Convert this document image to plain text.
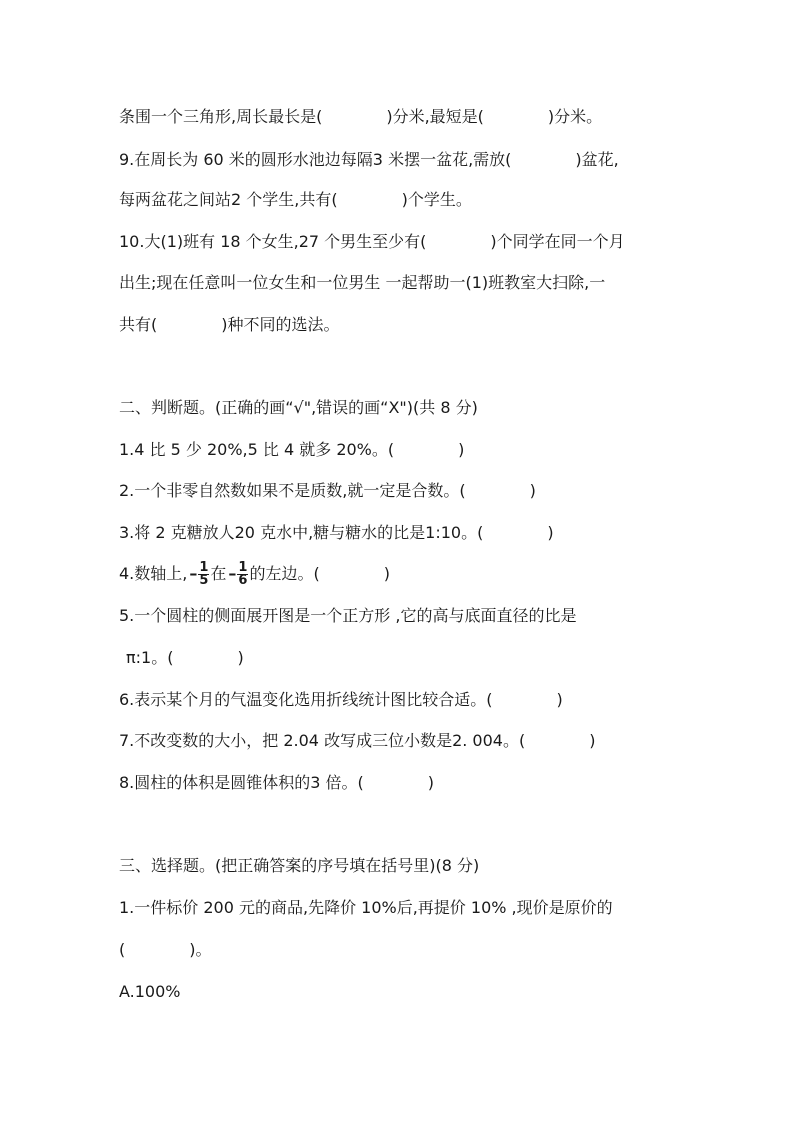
条围一个三角形,周长最长是(　　　　)分米,最短是(　　　　)分米。
9.在周长为 60 米的圆形水池边每隔3 米摆一盆花,需放(　　　　)盆花,
每两盆花之间站2 个学生,共有(　　　　)个学生。
10.大(1)班有 18 个女生,27 个男生至少有(　　　　)个同学在同一个月
出生;现在任意叫一位女生和一位男生 一起帮助一(1)班教室大扫除,一
共有(　　　　)种不同的选法。
二、判断题。(正确的画“√",错误的画“X")(共 8 分)
1.4 比 5 少 20%,5 比 4 就多 20%。(　　　　)
2.一个非零自然数如果不是质数,就一定是合数。(　　　　)
3.将 2 克糖放人20 克水中,糖与糖水的比是1:10。(　　　　)
4.数轴上, – $\frac{1}{5}$ 在 – $\frac{1}{6}$ 的左边。(　　　　)
5.一个圆柱的侧面展开图是一个正方形 ,它的高与底面直径的比是
π:1。(　　　　)
6.表示某个月的气温变化选用折线统计图比较合适。(　　　　)
7.不改变数的大小，把 2.04 改写成三位小数是2. 004。(　　　　)
8.圆柱的体积是圆锥体积的3 倍。(　　　　)
三、选择题。(把正确答案的序号填在括号里)(8 分)
1.一件标价 200 元的商品,先降价 10%后,再提价 10% ,现价是原价的
(　　　　)。
A.100%
